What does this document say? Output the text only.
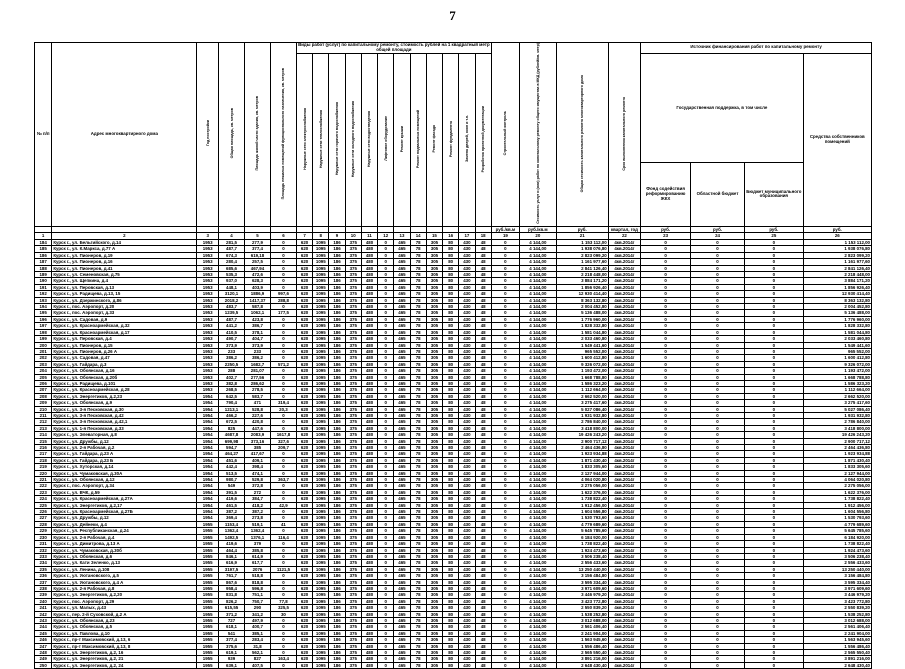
7
№ п/п	Адрес многоквартирного дома	Год постройки	Общая площадь, кв. метров	Площадь жилой части здания, кв. метров	Площадь нежилых помещений функционального назначения, кв. метров	Виды работ (услуг) по капитальному ремонту, стоимость рублей на 1 квадратный метр общей площади												Строительный контроль	Стоимость услуг и (или) работ по капитальному ремонту общего имущества в МКД (рублей/кв. метр)	Общая стоимость капитального ремонта многоквартирного дома	Срок выполнения капитального ремонта	Источник финансирования работ по капитальному ремонту			
						Наружные сети электроснабжения	Наружные сети теплоснабжения	Наружные сети горячего водоснабжения	Наружные сети холодного водоснабжения	Наружные сети водоотведения	Лифтовое оборудование	Ремонт крыши	Ремонт подвальных помещений	Ремонт фасада	Ремонт фундамента	Замена дверей, окон и т.п.	Разработка проектной документации					Государственная поддержка, в том числе			Средства собственников помещений
																						Фонд содействия реформированию ЖКХ	Областной бюджет	Бюджет муниципального образования	
																		руб./кв.м	руб./кв.м	руб.	квартал, год	руб.	руб.	руб.	руб.
1	2	3	4	5	6	7	8	9	10	11	12	13	14	15	16	17	18	19	20	21	22	23	24	25	26
184	Курск г., ул. Бельгийского, д.14	1953	281,5	277,9	0	620	1095	186	375	480	0	465	78	305	80	430	48	0	4 144,00	1 153 112,00	4кв.2014г	0	0	0	1 153 112,00
185	Курск г., ул. К.Маркса, д.77 А	1953	487,7	377,4	0	620	1095	186	375	480	0	465	78	305	80	430	48	0	4 144,00	1 938 076,80	4кв.2014г	0	0	0	1 938 076,80
186	Курск г., ул. Пионеров, д.19	1953	674,3	619,18	0	620	1095	186	375	480	0	465	78	305	80	430	48	0	4 144,00	2 823 099,20	4кв.2014г	0	0	0	2 823 099,20
187	Курск г., ул. Пионеров, д.16	1953	280,4	257,5	0	620	1095	186	375	480	0	465	78	305	80	430	48	0	4 144,00	1 161 977,60	4кв.2014г	0	0	0	1 161 977,60
188	Курск г., ул. Пионеров, д.41	1953	685,6	467,94	0	620	1095	186	375	480	0	465	78	305	80	430	48	0	4 144,00	2 841 126,40	4кв.2014г	0	0	0	2 841 126,40
189	Курск г., ул. Семеновская, д.75	1953	535,3	472,6	0	620	1095	186	375	480	0	465	78	305	80	430	48	0	4 144,00	2 218 448,00	4кв.2014г	0	0	0	2 218 448,00
190	Курск г., ул. Щепкина, д.4	1953	937,0	628,3	0	620	1095	186	375	480	0	465	78	305	80	430	48	0	4 144,00	3 884 171,20	4кв.2014г	0	0	0	3 884 171,20
191	Курск г., ул. Перовская, д.13	1953	448,1	403,9	0	620	1095	186	375	480	0	465	78	305	80	430	48	0	4 144,00	1 856 926,40	4кв.2014г	0	0	0	1 856 926,40
192	Курск г., ул. Радищева, д.13, 15	1953	3120,1	1886,9	997,6	620	1095	186	375	480	0	465	78	305	80	430	48	0	4 144,00	12 930 414,40	4кв.2014г	0	0	0	12 930 414,40
193	Курск г., ул. Дзержинского, д.86	1953	2018,2	1417,37	288,8	620	1095	186	375	480	0	465	78	305	80	430	48	0	4 144,00	8 363 132,80	4кв.2014г	0	0	0	8 363 132,80
194	Курск г., пос. Аэропорт, д.20	1953	483,7	587,8	0	620	1095	186	375	480	0	465	78	305	80	430	48	0	4 144,00	2 004 452,80	4кв.2014г	0	0	0	2 004 452,80
195	Курск г., пос. Аэропорт, д.33	1953	1239,5	1062,1	177,5	620	1095	186	375	480	0	465	78	305	80	430	48	0	4 144,00	5 136 488,00	4кв.2014г	0	0	0	5 136 488,00
196	Курск г., ул. Садовая, д.9	1953	487,7	423,8	0	620	1095	186	375	480	0	465	78	305	80	430	48	0	4 144,00	1 776 960,00	4кв.2014г	0	0	0	1 776 960,00
197	Курск г., ул. Красноармейская, д.32	1953	441,2	386,7	0	620	1095	186	375	480	0	465	78	305	80	430	48	0	4 144,00	1 828 332,80	4кв.2014г	0	0	0	1 828 332,80
198	Курск г., ул. Красноармейская, д.17	1953	410,5	378,1	0	620	1095	186	375	480	0	465	78	305	80	430	48	0	4 144,00	1 581 044,80	4кв.2014г	0	0	0	1 581 044,80
199	Курск г., ул. Перовская, д.4	1953	490,7	404,7	0	620	1095	186	375	480	0	465	78	305	80	430	48	0	4 144,00	2 033 460,80	4кв.2014г	0	0	0	2 033 460,80
200	Курск г., ул. Пионеров, д.15	1953	373,9	373,9	0	620	1095	186	375	480	0	465	78	305	80	430	48	0	4 144,00	1 549 441,60	4кв.2014г	0	0	0	1 549 441,60
201	Курск г., ул. Пионеров, д.26 А	1953	233	233	0	620	1095	186	375	480	0	465	78	305	80	430	48	0	4 144,00	965 552,00	4кв.2014г	0	0	0	965 552,00
202	Курск г., ул. Садовая, д.47	1953	386,2	386,2	0	620	1095	186	375	480	0	465	78	305	80	430	48	0	4 144,00	1 600 412,80	4кв.2014г	0	0	0	1 600 412,80
203	Курск г., ул. Гайдара, д.3	1953	2250,5	1682,7	571,2	620	1095	186	375	480	0	465	78	305	80	430	48	0	4 144,00	9 326 072,00	4кв.2014г	0	0	0	9 326 072,00
204	Курск г., ул. Обоянская, д.16	1953	288	281,07	0	620	1095	186	375	480	0	465	78	305	80	430	48	0	4 144,00	1 193 472,00	4кв.2014г	0	0	0	1 193 472,00
205	Курск г., ул. Обоянская, д.20б	1953	402,7	277,56	0	620	1095	186	375	480	0	465	78	305	80	430	48	0	4 144,00	1 668 788,80	4кв.2014г	0	0	0	1 668 788,80
206	Курск г., ул. Радищева, д.101	1953	382,8	286,62	0	620	1095	186	375	480	0	465	78	305	80	430	48	0	4 144,00	1 586 323,20	4кв.2014г	0	0	0	1 586 323,20
207	Курск г., ул. Красноармейская, д.28	1953	268,5	278,5	0	620	1095	186	375	480	0	465	78	305	80	430	48	0	4 144,00	1 112 664,00	4кв.2014г	0	0	0	1 112 664,00
208	Курск г., ул. Энергетиков, д.2,23	1954	642,5	583,7	0	620	1095	186	375	480	0	465	78	305	80	430	48	0	4 144,00	2 662 520,00	4кв.2014г	0	0	0	2 662 520,00
209	Курск г., ул. Обоянская, д.9	1954	790,4	471	319,4	620	1095	186	375	480	0	465	78	305	80	430	48	0	4 144,00	3 275 417,60	4кв.2014г	0	0	0	3 275 417,60
210	Курск г., ул. 3-я Песковская, д.30	1954	1213,1	528,8	20,3	620	1095	186	375	480	0	465	78	305	80	430	48	0	4 144,00	5 027 086,40	4кв.2014г	0	0	0	5 027 086,40
211	Курск г., ул. 3-я Песковская, д.42	1954	466,2	227,6	0	620	1095	186	375	480	0	465	78	305	80	430	48	0	4 144,00	1 931 932,80	4кв.2014г	0	0	0	1 931 932,80
212	Курск г., ул. 3-я Песковская, д.42,1	1954	672,5	420,8	0	620	1095	186	375	480	0	465	78	305	80	430	48	0	4 144,00	2 786 840,00	4кв.2014г	0	0	0	2 786 840,00
213	Курск г., ул. 1-я Песковская, д.33	1954	825	447,6	0	620	1095	186	375	480	0	465	78	305	80	430	48	0	4 144,00	3 418 800,00	4кв.2014г	0	0	0	3 418 800,00
214	Курск г., ул. Элеваторная, д.8	1954	4687,8	2083,9	1617,8	620	1095	186	375	480	0	465	78	305	80	430	48	0	4 144,00	19 426 243,20	4кв.2014г	0	0	0	19 426 243,20
215	Курск г., ул. Дружбы, д.12	1954	699,98	373,16	327,6	620	1095	186	375	480	0	465	78	305	80	430	48	0	4 144,00	2 900 717,12	4кв.2014г	0	0	0	2 900 717,12
216	Курск г., ул. 2-я Рабочая, д.2	1954	594,7	385	209,7	620	1095	186	375	480	0	465	78	305	80	430	48	0	4 144,00	2 464 436,80	4кв.2014г	0	0	0	2 464 436,80
217	Курск г., ул. Гайдара, д.23 А	1954	464,27	417,67	0	620	1095	186	375	480	0	465	78	305	80	430	48	0	4 144,00	1 923 934,88	4кв.2014г	0	0	0	1 923 934,88
218	Курск г., ул. Гайдара, д.23 Б	1954	451,6	409,1	0	620	1095	186	375	480	0	465	78	305	80	430	48	0	4 144,00	1 871 430,40	4кв.2014г	0	0	0	1 871 430,40
219	Курск г., ул. Хуторская, д.14	1954	442,4	398,4	0	620	1095	186	375	480	0	465	78	305	80	430	48	0	4 144,00	1 833 305,60	4кв.2014г	0	0	0	1 833 305,60
220	Курск г., ул. Чумаковская, д.30А	1954	513,5	474,1	0	620	1095	186	375	480	0	465	78	305	80	430	48	0	4 144,00	2 127 944,00	4кв.2014г	0	0	0	2 127 944,00
221	Курск г., ул. Обоянская, д.12	1954	980,7	529,8	363,7	620	1095	186	375	480	0	465	78	305	80	430	48	0	4 144,00	4 064 020,80	4кв.2014г	0	0	0	4 064 020,80
222	Курск г., пос. Аэропорт, д.34	1954	549	372,8	0	620	1095	186	375	480	0	465	78	305	80	430	48	0	4 144,00	2 275 056,00	4кв.2014г	0	0	0	2 275 056,00
223	Курск г., ул. ВЧК, д.59	1954	391,5	272	0	620	1095	186	375	480	0	465	78	305	80	430	48	0	4 144,00	1 622 376,00	4кв.2014г	0	0	0	1 622 376,00
224	Курск г., ул. Красноармейская, д.27А	1954	419,6	384,7	0	620	1095	186	375	480	0	465	78	305	80	430	48	0	4 144,00	1 738 822,40	4кв.2014г	0	0	0	1 738 822,40
225	Курск г., ул. Энергетиков, д.2,17	1954	461,5	418,2	42,9	620	1095	186	375	480	0	465	78	305	80	430	48	0	4 144,00	1 912 456,00	4кв.2014г	0	0	0	1 912 456,00
226	Курск г., ул. Красноармейская, д.27Б	1954	387,2	387,2	0	620	1095	186	375	480	0	465	78	305	80	430	48	0	4 144,00	1 604 556,80	4кв.2014г	0	0	0	1 604 556,80
227	Курск г., ул. Дружбы, д.12	1954	369,4	273,8	0	620	1095	186	375	480	0	465	78	305	80	430	48	0	4 144,00	1 530 793,60	4кв.2014г	0	0	0	1 530 793,60
228	Курск г., ул. Дейнеки, д.4	1955	1153,4	519,1	41	620	1095	186	375	480	0	465	78	305	80	430	48	0	4 144,00	4 779 689,60	4кв.2014г	0	0	0	4 779 689,60
229	Курск г., ул. Республиканская, д.24	1955	1362,4	1362,4	0	620	1095	186	375	480	0	465	78	305	80	430	48	0	4 144,00	5 645 785,60	4кв.2014г	0	0	0	5 645 785,60
230	Курск г., ул. 2-я Рабочая, д.4	1955	1492,5	1376,1	116,4	620	1095	186	375	480	0	465	78	305	80	430	48	0	4 144,00	6 184 920,00	4кв.2014г	0	0	0	6 184 920,00
231	Курск г., ул. Димитрова, д.13 А	1955	419,6	379	0	620	1095	186	375	480	0	465	78	305	80	430	48	0	4 144,00	1 738 822,40	4кв.2014г	0	0	0	1 738 822,40
232	Курск г., ул. Чумаковская, д.30б	1955	464,4	385,8	0	620	1095	186	375	480	0	465	78	305	80	430	48	0	4 144,00	1 924 473,60	4кв.2014г	0	0	0	1 924 473,60
233	Курск г., ул. Обоянская, д.6	1955	846,1	614,9	0	620	1095	186	375	480	0	465	78	305	80	430	48	0	4 144,00	3 506 238,40	4кв.2014г	0	0	0	3 506 238,40
234	Курск г., ул. Кати Зеленко, д.13	1955	616,9	617,7	0	620	1095	186	375	480	0	465	78	305	80	430	48	0	4 144,00	2 556 433,60	4кв.2014г	0	0	0	2 556 433,60
235	Курск г., ул. Ленина, д.108	1955	3197,5	2076	1121,5	620	1095	186	375	480	0	465	78	305	80	430	48	0	4 144,00	13 250 440,00	4кв.2014г	0	0	0	13 250 440,00
236	Курск г., ул. Уютановского, д.5	1955	761,7	518,8	0	620	1095	186	375	480	0	465	78	305	80	430	48	0	4 144,00	3 156 484,80	4кв.2014г	0	0	0	3 156 484,80
237	Курск г., ул. Уютановского, д.4 А	1955	867,6	818,8	0	620	1095	186	375	480	0	465	78	305	80	430	48	0	4 144,00	3 595 334,40	4кв.2014г	0	0	0	3 595 334,40
238	Курск г., ул. 2-я Рабочая, д.8	1955	958,4	596,8	0	620	1095	186	375	480	0	465	78	305	80	430	48	0	4 144,00	3 971 609,60	4кв.2014г	0	0	0	3 971 609,60
239	Курск г., ул. Энергетиков, д.2,20	1955	831,8	751,1	0	620	1095	186	375	480	0	465	78	305	80	430	48	0	4 144,00	3 446 979,20	4кв.2014г	0	0	0	3 446 979,20
240	Курск г., пос. Аэропорт, д.29	1955	826,2	750,7	77,8	620	1095	186	375	480	0	465	78	305	80	430	48	0	4 144,00	3 423 772,80	4кв.2014г	0	0	0	3 423 772,80
241	Курск г., ул. Малых, д.43	1955	615,55	290	325,5	620	1095	186	375	480	0	465	78	305	80	430	48	0	4 144,00	2 550 839,20	4кв.2014г	0	0	0	2 550 839,20
242	Курск г., пер. 2-й Суховской, д.2 А	1955	371,2	341,2	30	620	1095	186	375	480	0	465	78	305	80	430	48	0	4 144,00	1 538 252,80	4кв.2014г	0	0	0	1 538 252,80
243	Курск г., ул. Обоянская, д.23	1955	727	497,9	0	620	1095	186	375	480	0	465	78	305	80	430	48	0	4 144,00	3 012 688,00	4кв.2014г	0	0	0	3 012 688,00
244	Курск г., ул. Обоянская, д.5	1955	618,1	400,7	0	620	1095	186	375	480	0	465	78	305	80	430	48	0	4 144,00	2 561 406,40	4кв.2014г	0	0	0	2 561 406,40
245	Курск г., ул. Павлова, д.10	1955	541	385,1	0	620	1095	186	375	480	0	465	78	305	80	430	48	0	4 144,00	2 241 904,00	4кв.2014г	0	0	0	2 241 904,00
246	Курск г., пр-т Максимовский, д.13, 6	1955	377,4	283,4	0	620	1095	186	375	480	0	465	78	305	80	430	48	0	4 144,00	1 563 945,60	4кв.2014г	0	0	0	1 563 945,60
247	Курск г., пр-т Максимовский, д.13, 8	1955	375,6	31,8	0	620	1095	186	375	480	0	465	78	305	80	430	48	0	4 144,00	1 556 486,40	4кв.2014г	0	0	0	1 556 486,40
248	Курск г., ул. Энергетиков, д.2, 16	1955	619,1	562,1	0	620	1095	186	375	480	0	465	78	305	80	430	48	0	4 144,00	2 565 550,40	4кв.2014г	0	0	0	2 565 550,40
249	Курск г., ул. Энергетиков, д.2, 21	1955	939	827	163,4	620	1095	186	375	480	0	465	78	305	80	430	48	0	4 144,00	3 891 216,00	4кв.2014г	0	0	0	3 891 216,00
250	Курск г., ул. Энергетиков, д.2, 24	1955	639,1	407,5	0	620	1095	186	375	480	0	465	78	305	80	430	48	0	4 144,00	2 648 430,40	4кв.2014г	0	0	0	2 648 430,40
